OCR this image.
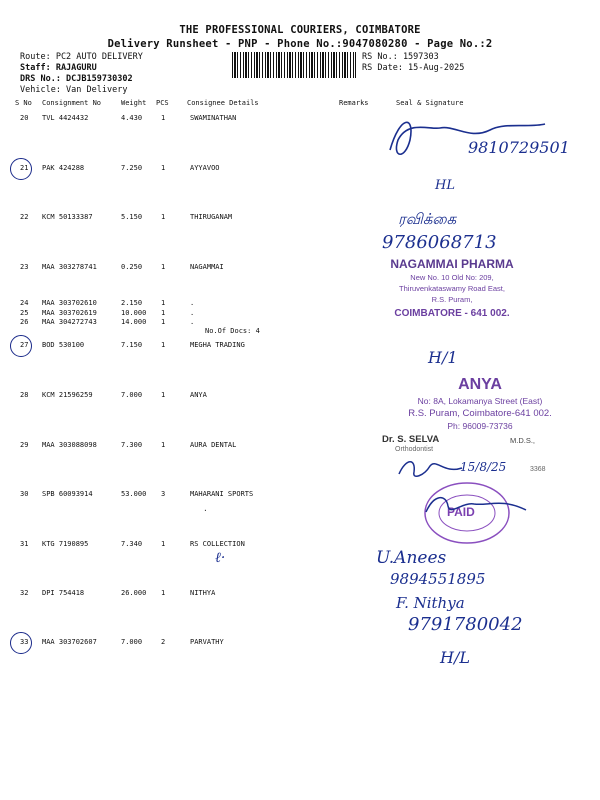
THE PROFESSIONAL COURIERS, COIMBATORE
Delivery Runsheet - PNP - Phone No.:9047080280 - Page No.:2
Route: PC2 AUTO DELIVERY
Staff: RAJAGURU
DRS No.: DCJB159730302
Vehicle: Van Delivery
RS No.: 1597303
RS Date: 15-Aug-2025
S No Consignment No	Weight PCS	Consignee Details	Remarks	Seal & Signature
20 TVL 4424432	4.430	1	SWAMINATHAN
21 PAK 424288	7.250	1	AYYAVOO
22 KCM 50133387	5.150	1	THIRUGANAM
23 MAA 303278741	0.250	1	NAGAMMAI
24 MAA 303702610	2.150	1	.
25 MAA 303702619	10.000 1	.
26 MAA 304272743	14.000 1	.
No.Of Docs: 4
27 BOD 530100	7.150	1	MEGHA TRADING
28 KCM 21596259	7.000	1	ANYA
29 MAA 303088098	7.300	1	AURA DENTAL
30 SPB 60093914	53.000 3	MAHARANI SPORTS
·
31 KTG 7190895	7.340	1	RS COLLECTION
32 DPI 754418	26.000 1	NITHYA
33 MAA 303702607	7.000	2	PARVATHY
9810729501
HL
ரவிக்கை
9786068713
NAGAMMAI PHARMA
New No. 10 Old No: 209,
Thiruvenkataswamy Road East,
R.S. Puram,
COIMBATORE - 641 002.
H/1
ANYA
No: 8A, Lokamanya Street (East)
R.S. Puram, Coimbatore-641 002.
Ph: 96009-73736
Dr. S. SELVA	M.D.S.,
Orthodontist
3368
15/8/25
PAID
ℓ·	U.Anees
9894551895
F. Nithya
9791780042
H/L
